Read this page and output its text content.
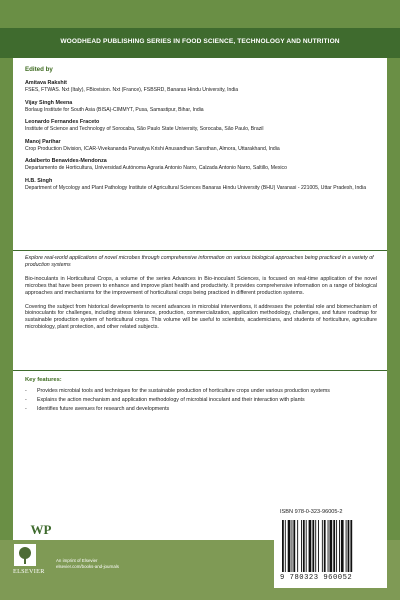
WOODHEAD PUBLISHING SERIES IN FOOD SCIENCE, TECHNOLOGY AND NUTRITION
Edited by
Amitava Rakshit
FSES, FTWAS. Nxt (Italy), FBiovision. Nxt (France), FSBSRD, Banaras Hindu University, India
Vijay Singh Meena
Borlaug Institute for South Asia (BISA)-CIMMYT, Pusa, Samastipur, Bihar, India
Leonardo Fernandes Fraceto
Institute of Science and Technology of Sorocaba, São Paulo State University, Sorocaba, São Paulo, Brazil
Manoj Parihar
Crop Production Division, ICAR-Vivekananda Parvatiya Krishi Anusandhan Sansthan, Almora, Uttarakhand, India
Adalberto Benavides-Mendonza
Departamento de Horticultura, Universidad Autónoma Agraria Antonio Narro, Calzada Antonio Narro, Saltillo, Mexico
H.B. Singh
Department of Mycology and Plant Pathology Institute of Agricultural Sciences Banaras Hindu University (BHU) Varanasi - 221005, Uttar Pradesh, India
Explore real-world applications of novel microbes through comprehensive information on various biological approaches being practiced in a variety of production systems
Bio-inoculants in Horticultural Crops, a volume of the series Advances in Bio-inoculant Sciences, is focused on real-time application of the novel microbes that have been proven to enhance and improve plant health and productivity. It provides comprehensive information on a range of biological approaches and mechanisms for the improvement of horticultural crops being practiced in different production systems.
Covering the subject from historical developments to recent advances in microbial interventions, it addresses the potential role and biomechanism of bioinoculants for challenges, including stress tolerance, production, commercialization, application methodology, challenges, and future roadmap for sustainable production system of horticultural crops. This volume will be useful to scientists, academicians, and students of horticulture, agriculture microbiology, plant protection, and other related subjects.
Key features:
- Provides microbial tools and techniques for the sustainable production of horticulture crops under various production systems
- Explains the action mechanism and application methodology of microbial inoculant and their interaction with plants
- Identifies future avenues for research and developments
WP WOODHEAD
PUBLISHING
ELSEVIER
An imprint of Elsevier
elsevier.com/books-and-journals
ISBN 978-0-323-96005-2
9 780323 960052
